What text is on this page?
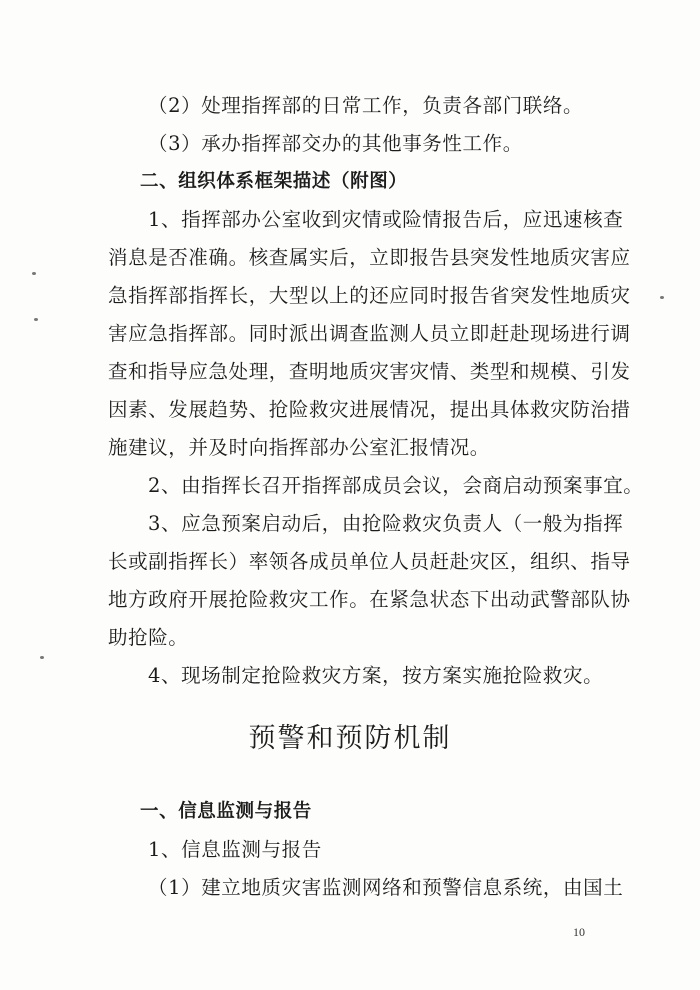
（2）处理指挥部的日常工作，负责各部门联络。
（3）承办指挥部交办的其他事务性工作。
二、组织体系框架描述（附图）
1、指挥部办公室收到灾情或险情报告后，应迅速核查
消息是否准确。核查属实后，立即报告县突发性地质灾害应
急指挥部指挥长，大型以上的还应同时报告省突发性地质灾
害应急指挥部。同时派出调查监测人员立即赶赴现场进行调
查和指导应急处理，查明地质灾害灾情、类型和规模、引发
因素、发展趋势、抢险救灾进展情况，提出具体救灾防治措
施建议，并及时向指挥部办公室汇报情况。
2、由指挥长召开指挥部成员会议，会商启动预案事宜。
3、应急预案启动后，由抢险救灾负责人（一般为指挥
长或副指挥长）率领各成员单位人员赶赴灾区，组织、指导
地方政府开展抢险救灾工作。在紧急状态下出动武警部队协
助抢险。
4、现场制定抢险救灾方案，按方案实施抢险救灾。
预警和预防机制
一、信息监测与报告
1、信息监测与报告
（1）建立地质灾害监测网络和预警信息系统，由国土
10
